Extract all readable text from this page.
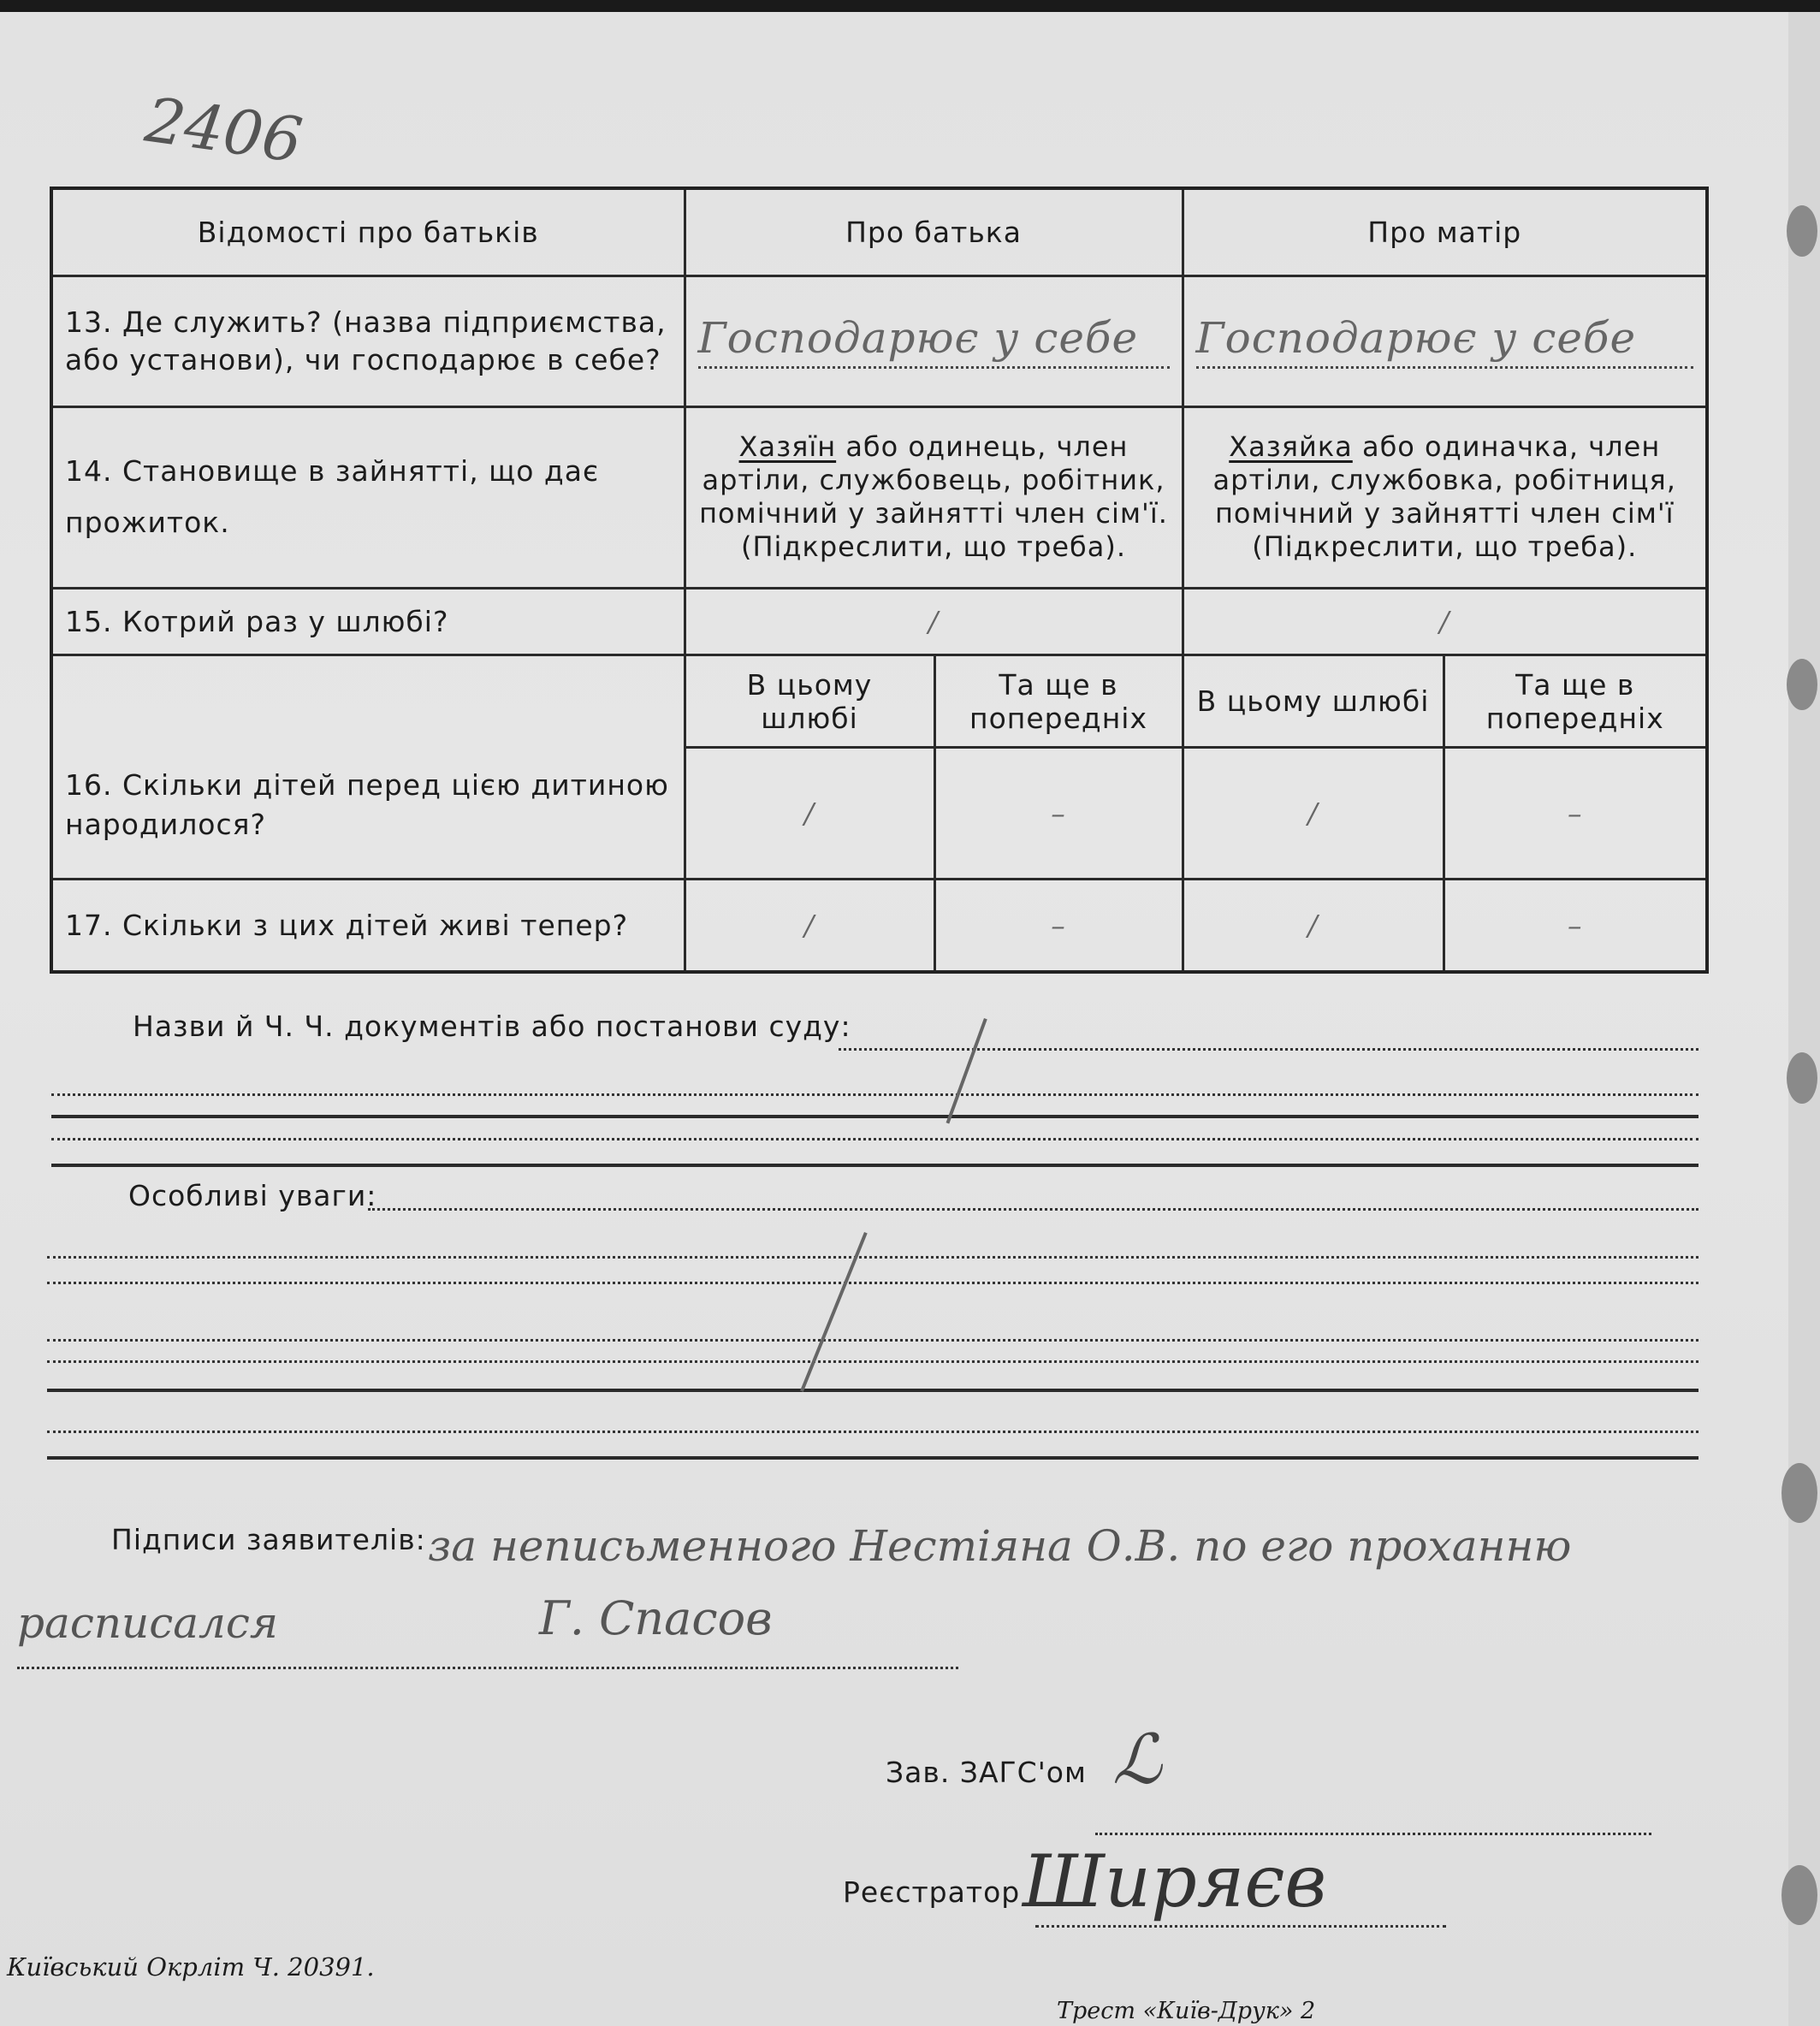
2406
Відомості про батьків	Про батька		Про матір	
13. Де служить? (назва підприємства, або установи), чи господарює в себе?	Господарює у себе		Господарює у себе	

14. Становище в зайнятті, що дає прожиток.	Хазяїн або одинець, член артіли, службовець, робітник, помічний у зайнятті член сім'ї. (Підкреслити, що треба).		Хазяйка або одиначка, член артіли, службовка, робітниця, помічний у зайнятті член сім'ї (Підкреслити, що треба).	
15. Котрий раз у шлюбі?	/		/	
16. Скільки дітей перед цією дитиною народилося?	В цьому шлюбі	Та ще в попередніх	В цьому шлюбі	Та ще в попередніх
	/	–	/	–
17. Скільки з цих дітей живі тепер?	/	–	/	–
Назви й Ч. Ч. документів або постанови суду:
Особливі уваги:
Підписи заявителів: за неписьменного Нестіяна О.В. по его проханню
расписался	Г. Спасов
Зав. ЗАГС'ом ℒ
Реєстратор Ширяєв
Київський Окрліт Ч. 20391.
Трест «Київ-Друк» 2
